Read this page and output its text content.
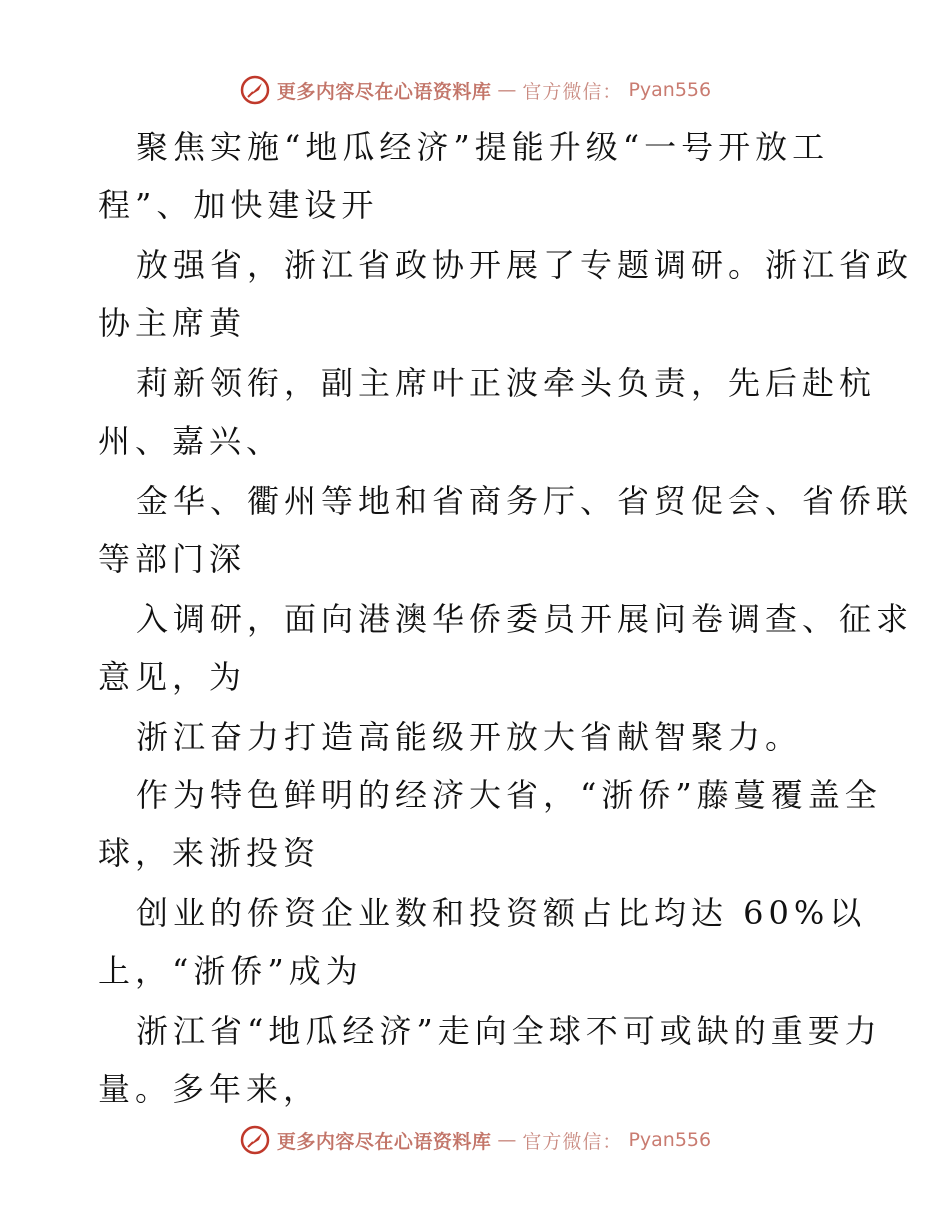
更多内容尽在心语资料库 — 官方微信： Pyan556
聚焦实施“地瓜经济”提能升级“一号开放工
程”、加快建设开
放强省，浙江省政协开展了专题调研。浙江省政
协主席黄
莉新领衔，副主席叶正波牵头负责，先后赴杭
州、嘉兴、
金华、衢州等地和省商务厅、省贸促会、省侨联
等部门深
入调研，面向港澳华侨委员开展问卷调查、征求
意见，为
浙江奋力打造高能级开放大省献智聚力。
作为特色鲜明的经济大省，“浙侨”藤蔓覆盖全
球，来浙投资
创业的侨资企业数和投资额占比均达 60%以
上，“浙侨”成为
浙江省“地瓜经济”走向全球不可或缺的重要力
量。多年来，
更多内容尽在心语资料库 — 官方微信： Pyan556
